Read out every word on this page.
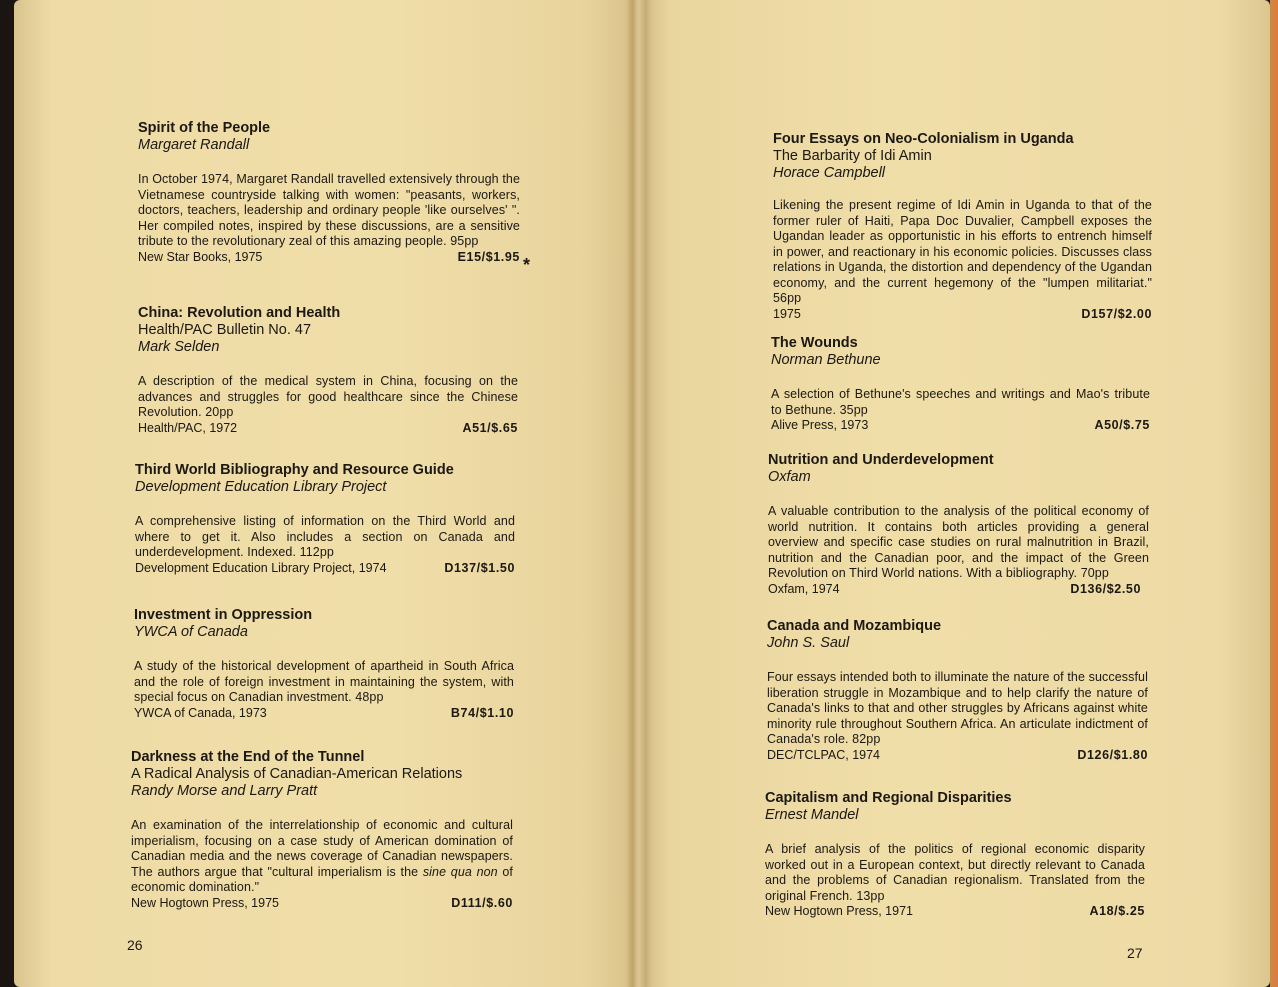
Spirit of the People

Margaret Randall

In October 1974, Margaret Randall travelled extensively through the Vietnamese countryside talking with women: "peasants, workers, doctors, teachers, leadership and ordinary people 'like ourselves' ". Her compiled notes, inspired by these discussions, are a sensitive tribute to the revolutionary zeal of this amazing people. 95pp

New Star Books, 1975	E15/$1.95 *

China: Revolution and Health

Health/PAC Bulletin No. 47

Mark Selden

A description of the medical system in China, focusing on the advances and struggles for good healthcare since the Chinese Revolution. 20pp

Health/PAC, 1972	A51/$.65

Third World Bibliography and Resource Guide

Development Education Library Project

A comprehensive listing of information on the Third World and where to get it. Also includes a section on Canada and underdevelopment. Indexed. 112pp

Development Education Library Project, 1974	D137/$1.50

Investment in Oppression

YWCA of Canada

A study of the historical development of apartheid in South Africa and the role of foreign investment in maintaining the system, with special focus on Canadian investment. 48pp

YWCA of Canada, 1973	B74/$1.10

Darkness at the End of the Tunnel

A Radical Analysis of Canadian-American Relations

Randy Morse and Larry Pratt

An examination of the interrelationship of economic and cultural imperialism, focusing on a case study of American domination of Canadian media and the news coverage of Canadian newspapers. The authors argue that "cultural imperialism is the sine qua non of economic domination."

New Hogtown Press, 1975	D111/$.60
26

Four Essays on Neo-Colonialism in Uganda

The Barbarity of Idi Amin

Horace Campbell

Likening the present regime of Idi Amin in Uganda to that of the former ruler of Haiti, Papa Doc Duvalier, Campbell exposes the Ugandan leader as opportunistic in his efforts to entrench himself in power, and reactionary in his economic policies. Discusses class relations in Uganda, the distortion and dependency of the Ugandan economy, and the current hegemony of the "lumpen militariat." 56pp

1975	D157/$2.00

The Wounds

Norman Bethune

A selection of Bethune's speeches and writings and Mao's tribute to Bethune. 35pp

Alive Press, 1973	A50/$.75

Nutrition and Underdevelopment

Oxfam

A valuable contribution to the analysis of the political economy of world nutrition. It contains both articles providing a general overview and specific case studies on rural malnutrition in Brazil, nutrition and the Canadian poor, and the impact of the Green Revolution on Third World nations. With a bibliography. 70pp

Oxfam, 1974	D136/$2.50

Canada and Mozambique

John S. Saul

Four essays intended both to illuminate the nature of the successful liberation struggle in Mozambique and to help clarify the nature of Canada's links to that and other struggles by Africans against white minority rule throughout Southern Africa. An articulate indictment of Canada's role. 82pp

DEC/TCLPAC, 1974	D126/$1.80

Capitalism and Regional Disparities

Ernest Mandel

A brief analysis of the politics of regional economic disparity worked out in a European context, but directly relevant to Canada and the problems of Canadian regionalism. Translated from the original French. 13pp

New Hogtown Press, 1971	A18/$.25
27
